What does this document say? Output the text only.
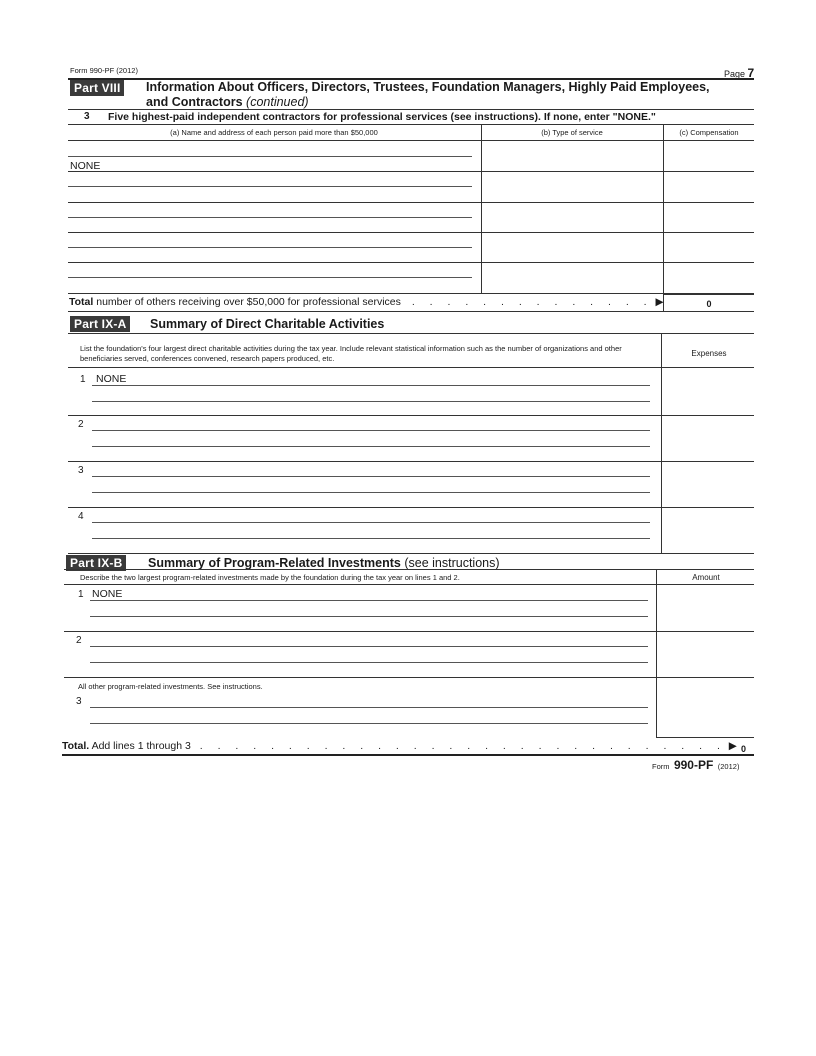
Form 990-PF (2012)	Page 7
Part VIII	Information About Officers, Directors, Trustees, Foundation Managers, Highly Paid Employees,
and Contractors (continued)
3 Five highest-paid independent contractors for professional services (see instructions). If none, enter "NONE."
(a) Name and address of each person paid more than $50,000	(b) Type of service	(c) Compensation
NONE
Total number of others receiving over $50,000 for professional services . . . . . . . . . . . . . . ▶	0
Part IX-A	Summary of Direct Charitable Activities
List the foundation's four largest direct charitable activities during the tax year. Include relevant statistical information such as the number of organizations and other beneficiaries served, conferences convened, research papers produced, etc.
Expenses
1 NONE
2
3
4
Part IX-B	Summary of Program-Related Investments (see instructions)
Describe the two largest program-related investments made by the foundation during the tax year on lines 1 and 2.	Amount
1 NONE
2
All other program-related investments. See instructions.
3
Total. Add lines 1 through 3 . . . . . . . . . . . . . . . . . . . . . . . . . . . . . . ▶ 0
Form 990-PF (2012)
